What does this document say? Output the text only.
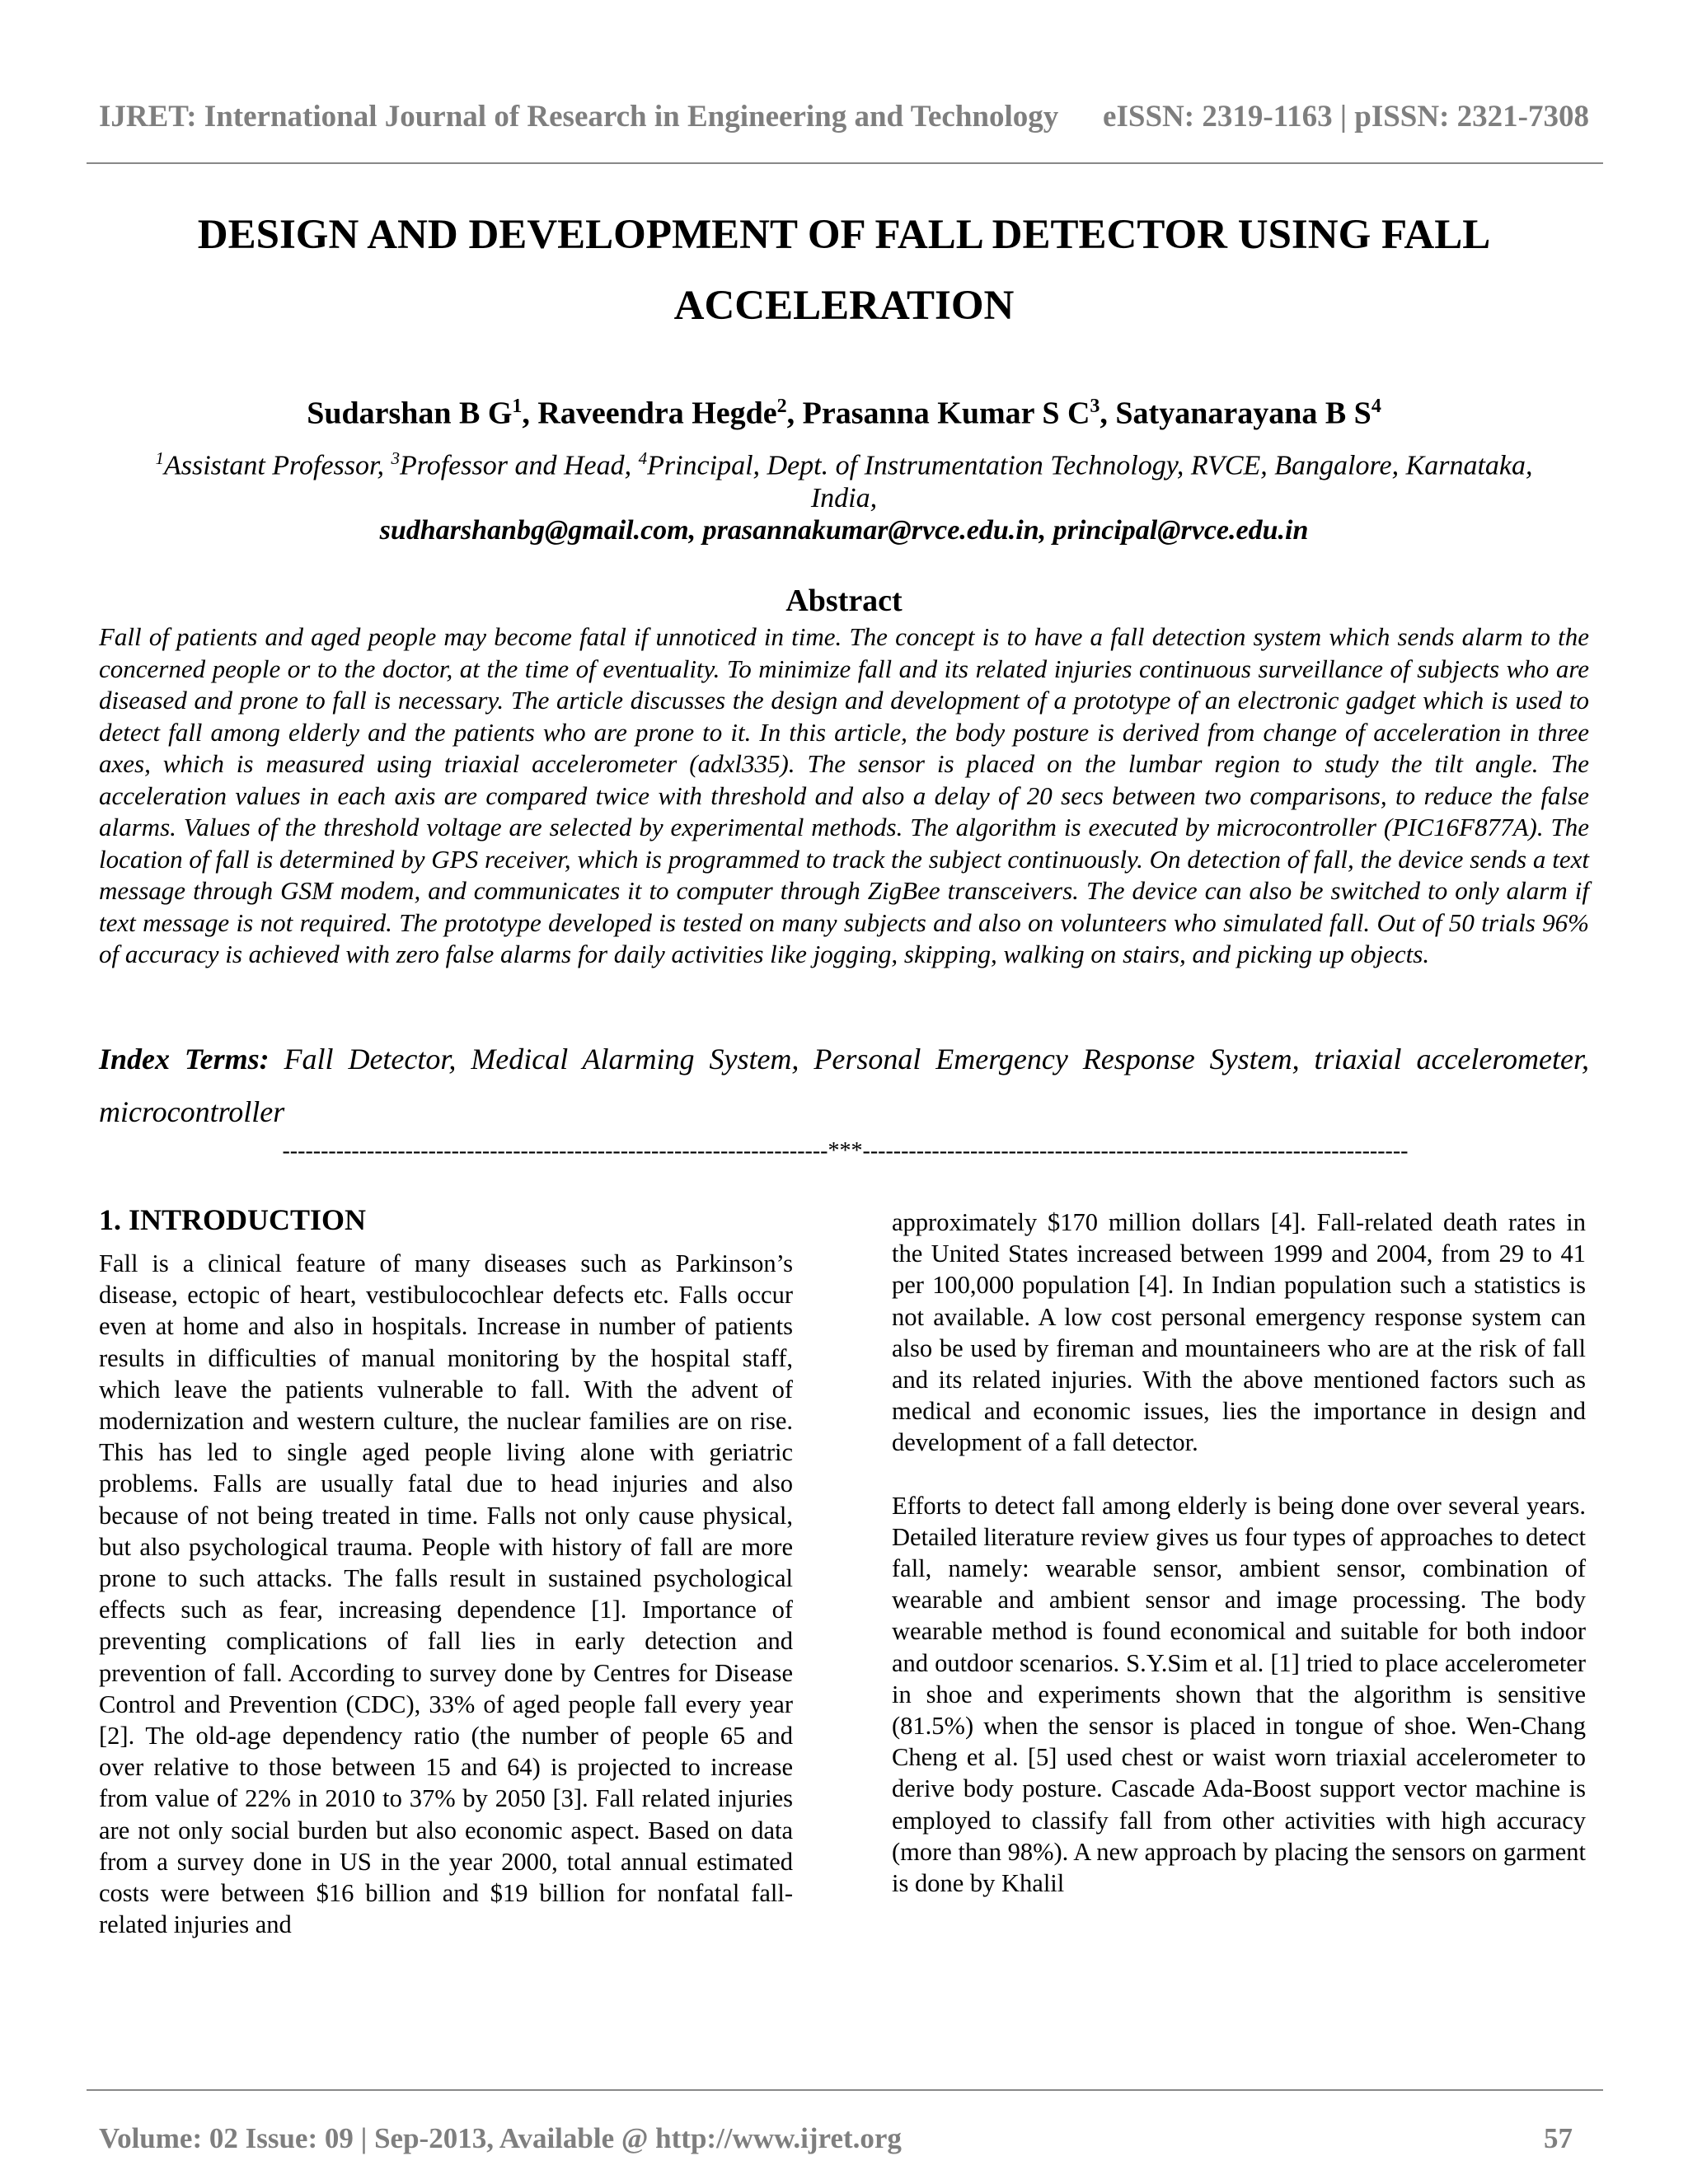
IJRET: International Journal of Research in Engineering and Technology eISSN: 2319-1163 | pISSN: 2321-7308
DESIGN AND DEVELOPMENT OF FALL DETECTOR USING FALL ACCELERATION
Sudarshan B $G^1$, Raveendra Hegde$^2$, Prasanna Kumar S $C^3$, Satyanarayana B $S^4$
$^1$Assistant Professor, $^3$Professor and Head, $^4$Principal, Dept. of Instrumentation Technology, RVCE, Bangalore, Karnataka, India,
sudharshanbg@gmail.com, prasannakumar@rvce.edu.in, principal@rvce.edu.in
Abstract

Fall of patients and aged people may become fatal if unnoticed in time. The concept is to have a fall detection system which sends alarm to the concerned people or to the doctor, at the time of eventuality. To minimize fall and its related injuries continuous surveillance of subjects who are diseased and prone to fall is necessary. The article discusses the design and development of a prototype of an electronic gadget which is used to detect fall among elderly and the patients who are prone to it. In this article, the body posture is derived from change of acceleration in three axes, which is measured using triaxial accelerometer (adxl335). The sensor is placed on the lumbar region to study the tilt angle. The acceleration values in each axis are compared twice with threshold and also a delay of 20 secs between two comparisons, to reduce the false alarms. Values of the threshold voltage are selected by experimental methods. The algorithm is executed by microcontroller (PIC16F877A). The location of fall is determined by GPS receiver, which is programmed to track the subject continuously. On detection of fall, the device sends a text message through GSM modem, and communicates it to computer through ZigBee transceivers. The device can also be switched to only alarm if text message is not required. The prototype developed is tested on many subjects and also on volunteers who simulated fall. Out of 50 trials 96% of accuracy is achieved with zero false alarms for daily activities like jogging, skipping, walking on stairs, and picking up objects.

Index Terms: Fall Detector, Medical Alarming System, Personal Emergency Response System, triaxial accelerometer, microcontroller

-----------------------------------------------------------------------***-----------------------------------------------------------------------
1. INTRODUCTION

Fall is a clinical feature of many diseases such as Parkinson’s disease, ectopic of heart, vestibulocochlear defects etc. Falls occur even at home and also in hospitals. Increase in number of patients results in difficulties of manual monitoring by the hospital staff, which leave the patients vulnerable to fall. With the advent of modernization and western culture, the nuclear families are on rise. This has led to single aged people living alone with geriatric problems. Falls are usually fatal due to head injuries and also because of not being treated in time. Falls not only cause physical, but also psychological trauma. People with history of fall are more prone to such attacks. The falls result in sustained psychological effects such as fear, increasing dependence [1]. Importance of preventing complications of fall lies in early detection and prevention of fall. According to survey done by Centres for Disease Control and Prevention (CDC), 33% of aged people fall every year [2]. The old-age dependency ratio (the number of people 65 and over relative to those between 15 and 64) is projected to increase from value of 22% in 2010 to 37% by 2050 [3]. Fall related injuries are not only social burden but also economic aspect. Based on data from a survey done in US in the year 2000, total annual estimated costs were between $16 billion and $19 billion for nonfatal fall-related injuries and

approximately $170 million dollars [4]. Fall-related death rates in the United States increased between 1999 and 2004, from 29 to 41 per 100,000 population [4]. In Indian population such a statistics is not available. A low cost personal emergency response system can also be used by fireman and mountaineers who are at the risk of fall and its related injuries. With the above mentioned factors such as medical and economic issues, lies the importance in design and development of a fall detector.

Efforts to detect fall among elderly is being done over several years. Detailed literature review gives us four types of approaches to detect fall, namely: wearable sensor, ambient sensor, combination of wearable and ambient sensor and image processing. The body wearable method is found economical and suitable for both indoor and outdoor scenarios. S.Y.Sim et al. [1] tried to place accelerometer in shoe and experiments shown that the algorithm is sensitive (81.5%) when the sensor is placed in tongue of shoe. Wen-Chang Cheng et al. [5] used chest or waist worn triaxial accelerometer to derive body posture. Cascade Ada-Boost support vector machine is employed to classify fall from other activities with high accuracy (more than 98%). A new approach by placing the sensors on garment is done by Khalil

Volume: 02 Issue: 09 | Sep-2013, Available @ http://www.ijret.org	57
